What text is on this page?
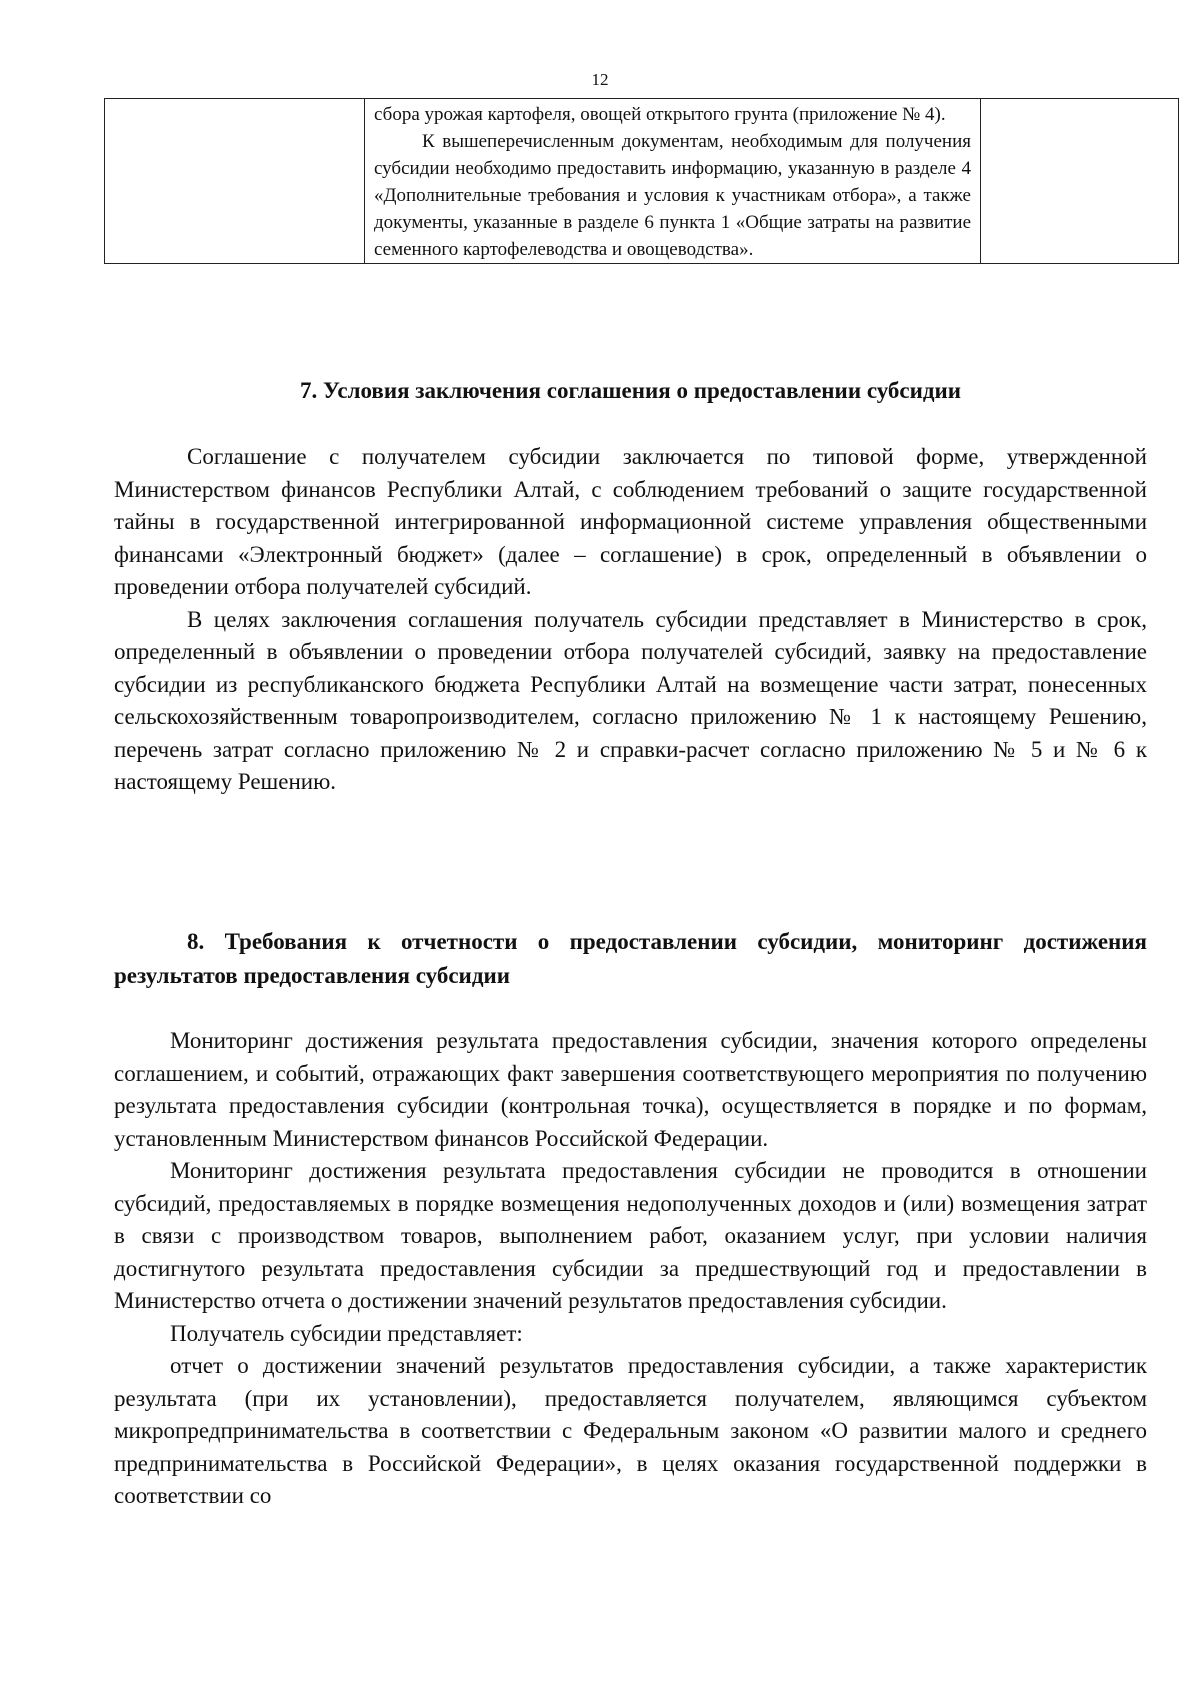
12

сбора урожая картофеля, овощей открытого грунта (приложение № 4).

К вышеперечисленным документам, необходимым для получения субсидии необходимо предоставить информацию, указанную в разделе 4 «Дополнительные требования и условия к участникам отбора», а также документы, указанные в разделе 6 пункта 1 «Общие затраты на развитие семенного картофелеводства и овощеводства».

7. Условия заключения соглашения о предоставлении субсидии

Соглашение с получателем субсидии заключается по типовой форме, утвержденной Министерством финансов Республики Алтай, с соблюдением требований о защите государственной тайны в государственной интегрированной информационной системе управления общественными финансами «Электронный бюджет» (далее – соглашение) в срок, определенный в объявлении о проведении отбора получателей субсидий.

В целях заключения соглашения получатель субсидии представляет в Министерство в срок, определенный в объявлении о проведении отбора получателей субсидий, заявку на предоставление субсидии из республиканского бюджета Республики Алтай на возмещение части затрат, понесенных сельскохозяйственным товаропроизводителем, согласно приложению № 1 к настоящему Решению, перечень затрат согласно приложению № 2 и справки-расчет согласно приложению № 5 и № 6 к настоящему Решению.

8. Требования к отчетности о предоставлении субсидии, мониторинг достижения результатов предоставления субсидии

Мониторинг достижения результата предоставления субсидии, значения которого определены соглашением, и событий, отражающих факт завершения соответствующего мероприятия по получению результата предоставления субсидии (контрольная точка), осуществляется в порядке и по формам, установленным Министерством финансов Российской Федерации.

Мониторинг достижения результата предоставления субсидии не проводится в отношении субсидий, предоставляемых в порядке возмещения недополученных доходов и (или) возмещения затрат в связи с производством товаров, выполнением работ, оказанием услуг, при условии наличия достигнутого результата предоставления субсидии за предшествующий год и предоставлении в Министерство отчета о достижении значений результатов предоставления субсидии.

Получатель субсидии представляет:

отчет о достижении значений результатов предоставления субсидии, а также характеристик результата (при их установлении), предоставляется получателем, являющимся субъектом микропредпринимательства в соответствии с Федеральным законом «О развитии малого и среднего предпринимательства в Российской Федерации», в целях оказания государственной поддержки в соответствии со
